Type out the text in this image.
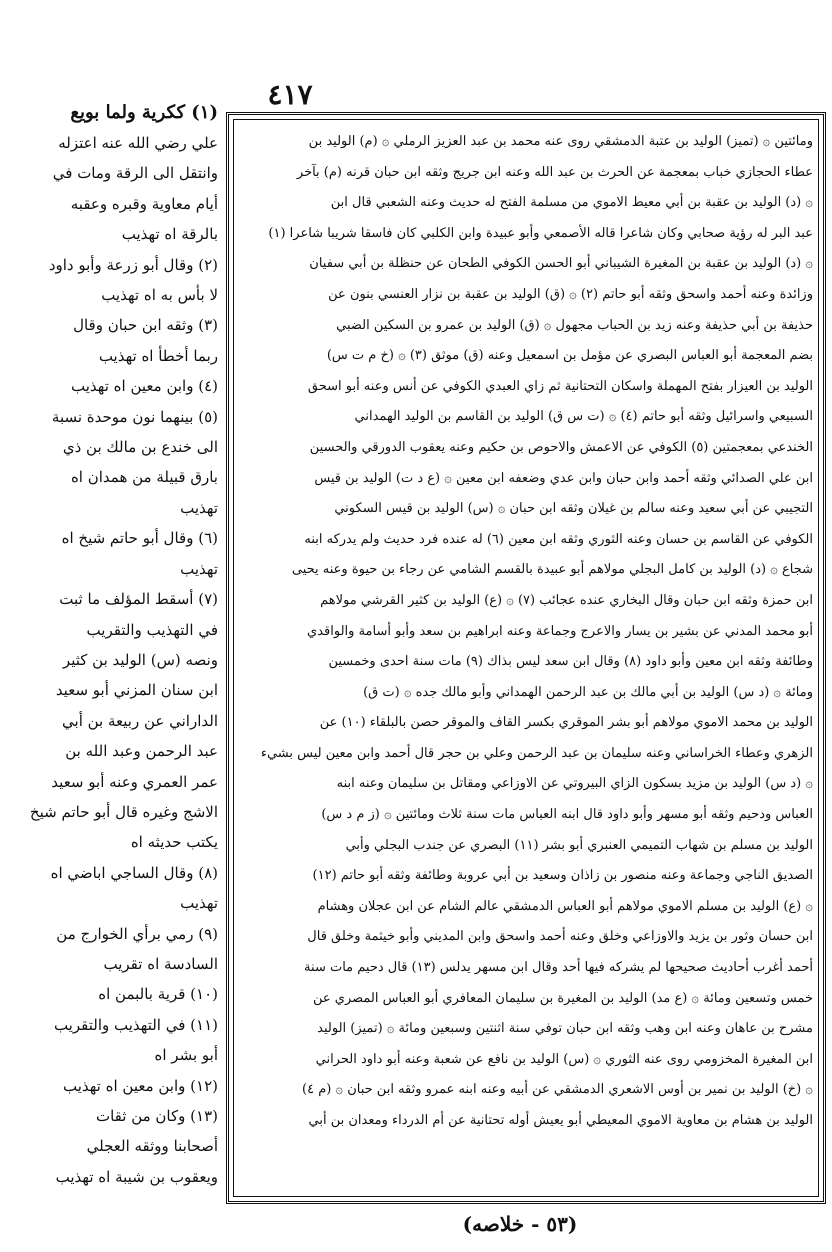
٤١٧
ومائتين ۞ (تميز) الوليد بن عتبة الدمشقي روى عنه محمد بن عبد العزيز الرملي ۞ (م) الوليد بن
عطاء الحجازي خباب بمعجمة عن الحرث بن عبد الله وعنه ابن جريج وثقه ابن حبان قرنه (م) بآخر
۞ (د) الوليد بن عقبة بن أبي معيط الاموي من مسلمة الفتح له حديث وعنه الشعبي قال ابن
عبد البر له رؤية صحابي وكان شاعرا قاله الأصمعي وأبو عبيدة وابن الكلبي كان فاسقا شريبا شاعرا (١)
۞ (د) الوليد بن عقبة بن المغيرة الشيباني أبو الحسن الكوفي الطحان عن حنظلة بن أبي سفيان
وزائدة وعنه أحمد واسحق وثقه أبو حاتم (٢) ۞ (ق) الوليد بن عقبة بن نزار العنسي بنون عن
حذيفة بن أبي حذيفة وعنه زيد بن الحباب مجهول ۞ (ق) الوليد بن عمرو بن السكين الضبي
بضم المعجمة أبو العباس البصري عن مؤمل بن اسمعيل وعنه (ق) موثق (٣) ۞ (خ م ت س)
الوليد بن العيزار بفتح المهملة واسكان التحتانية ثم زاي العبدي الكوفي عن أنس وعنه أبو اسحق
السبيعي واسرائيل وثقه أبو حاتم (٤) ۞ (ت س ق) الوليد بن القاسم بن الوليد الهمداني
الخندعي بمعجمتين (٥) الكوفي عن الاعمش والاحوص بن حكيم وعنه يعقوب الدورقي والحسين
ابن علي الصدائي وثقه أحمد وابن حبان وابن عدي وضعفه ابن معين ۞ (ع د ت) الوليد بن قيس
التجيبي عن أبي سعيد وعنه سالم بن غيلان وثقه ابن حبان ۞ (س) الوليد بن قيس السكوني
الكوفي عن القاسم بن حسان وعنه الثوري وثقه ابن معين (٦) له عنده فرد حديث ولم يدركه ابنه
شجاع ۞ (د) الوليد بن كامل البجلي مولاهم أبو عبيدة بالقسم الشامي عن رجاء بن حيوة وعنه يحيى
ابن حمزة وثقه ابن حبان وقال البخاري عنده عجائب (٧) ۞ (ع) الوليد بن كثير القرشي مولاهم
أبو محمد المدني عن بشير بن يسار والاعرج وجماعة وعنه ابراهيم بن سعد وأبو أسامة والواقدي
وطائفة وثقه ابن معين وأبو داود (٨) وقال ابن سعد ليس بذاك (٩) مات سنة احدى وخمسين
ومائة ۞ (د س) الوليد بن أبي مالك بن عبد الرحمن الهمداني وأبو مالك جده ۞ (ت ق)
الوليد بن محمد الاموي مولاهم أبو بشر الموقري بكسر القاف والموقر حصن بالبلقاء (١٠) عن
الزهري وعطاء الخراساني وعنه سليمان بن عبد الرحمن وعلي بن حجر قال أحمد وابن معين ليس بشيء
۞ (د س) الوليد بن مزيد بسكون الزاي البيروتي عن الاوزاعي ومقاتل بن سليمان وعنه ابنه
العباس ودحيم وثقه أبو مسهر وأبو داود قال ابنه العباس مات سنة ثلاث ومائتين ۞ (ز م د س)
الوليد بن مسلم بن شهاب التميمي العنبري أبو بشر (١١) البصري عن جندب البجلي وأبي
الصديق الناجي وجماعة وعنه منصور بن زاذان وسعيد بن أبي عروبة وطائفة وثقه أبو حاتم (١٢)
۞ (ع) الوليد بن مسلم الاموي مولاهم أبو العباس الدمشقي عالم الشام عن ابن عجلان وهشام
ابن حسان وثور بن يزيد والاوزاعي وخلق وعنه أحمد واسحق وابن المديني وأبو خيثمة وخلق قال
أحمد أغرب أحاديث صحيحها لم يشركه فيها أحد وقال ابن مسهر يدلس (١٣) قال دحيم مات سنة
خمس وتسعين ومائة ۞ (ع مد) الوليد بن المغيرة بن سليمان المعافري أبو العباس المصري عن
مشرح بن عاهان وعنه ابن وهب وثقه ابن حبان توفي سنة اثنتين وسبعين ومائة ۞ (تميز) الوليد
ابن المغيرة المخزومي روى عنه الثوري ۞ (س) الوليد بن نافع عن شعبة وعنه أبو داود الحراني
۞ (خ) الوليد بن نمير بن أوس الاشعري الدمشقي عن أبيه وعنه ابنه عمرو وثقه ابن حبان ۞ (م ٤)
الوليد بن هشام بن معاوية الاموي المعيطي أبو يعيش أوله تحتانية عن أم الدرداء ومعدان بن أبي
(١) ككرية ولما بويع
علي رضي الله عنه اعتزله
وانتقل الى الرقة ومات في
أيام معاوية وقبره وعقبه
بالرقة اه تهذيب
(٢) وقال أبو زرعة وأبو داود
لا بأس به اه تهذيب
(٣) وثقه ابن حبان وقال
ربما أخطأ اه تهذيب
(٤) وابن معين اه تهذيب
(٥) بينهما نون موحدة نسبة
الى خندع بن مالك بن ذي
بارق قبيلة من همدان اه
تهذيب
(٦) وقال أبو حاتم شيخ اه
تهذيب
(٧) أسقط المؤلف ما ثبت
في التهذيب والتقريب
ونصه (س) الوليد بن كثير
ابن سنان المزني أبو سعيد
الداراني عن ربيعة بن أبي
عبد الرحمن وعبد الله بن
عمر العمري وعنه أبو سعيد
الاشج وغيره قال أبو حاتم شيخ
يكتب حديثه اه
(٨) وقال الساجي اباضي اه
تهذيب
(٩) رمي برأي الخوارج من
السادسة اه تقريب
(١٠) قرية بالبمن اه
(١١) في التهذيب والتقريب
أبو بشر اه
(١٢) وابن معين اه تهذيب
(١٣) وكان من ثقات
أصحابنا ووثقه العجلي
ويعقوب بن شيبة اه تهذيب
(٥٣ - خلاصه)
